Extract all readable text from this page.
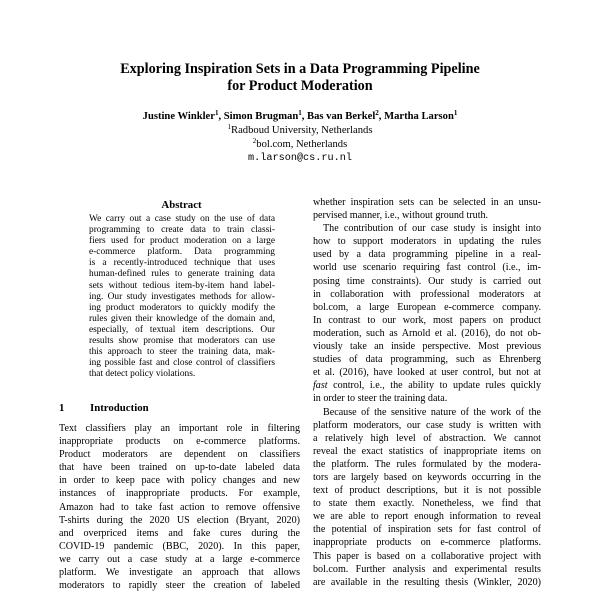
Exploring Inspiration Sets in a Data Programming Pipeline
for Product Moderation
Justine Winkler$^1$, Simon Brugman$^1$, Bas van Berkel$^2$, Martha Larson$^1$
$^1$Radboud University, Netherlands
$^2$bol.com, Netherlands
m.larson@cs.ru.nl
Abstract
We carry out a case study on the use of data
programming to create data to train classi-
fiers used for product moderation on a large
e-commerce platform. Data programming
is a recently-introduced technique that uses
human-defined rules to generate training data
sets without tedious item-by-item hand label-
ing. Our study investigates methods for allow-
ing product moderators to quickly modify the
rules given their knowledge of the domain and,
especially, of textual item descriptions. Our
results show promise that moderators can use
this approach to steer the training data, mak-
ing possible fast and close control of classifiers
that detect policy violations.
1 Introduction
Text classifiers play an important role in filtering
inappropriate products on e-commerce platforms.
Product moderators are dependent on classifiers
that have been trained on up-to-date labeled data
in order to keep pace with policy changes and new
instances of inappropriate products. For example,
Amazon had to take fast action to remove offensive
T-shirts during the 2020 US election (Bryant, 2020)
and overpriced items and fake cures during the
COVID-19 pandemic (BBC, 2020). In this paper,
we carry out a case study at a large e-commerce
platform. We investigate an approach that allows
moderators to rapidly steer the creation of labeled
whether inspiration sets can be selected in an unsu-
pervised manner, i.e., without ground truth.
The contribution of our case study is insight into
how to support moderators in updating the rules
used by a data programming pipeline in a real-
world use scenario requiring fast control (i.e., im-
posing time constraints). Our study is carried out
in collaboration with professional moderators at
bol.com, a large European e-commerce company.
In contrast to our work, most papers on product
moderation, such as Arnold et al. (2016), do not ob-
viously take an inside perspective. Most previous
studies of data programming, such as Ehrenberg
et al. (2016), have looked at user control, but not at
fast control, i.e., the ability to update rules quickly
in order to steer the training data.
Because of the sensitive nature of the work of the
platform moderators, our case study is written with
a relatively high level of abstraction. We cannot
reveal the exact statistics of inappropriate items on
the platform. The rules formulated by the modera-
tors are largely based on keywords occurring in the
text of product descriptions, but it is not possible
to state them exactly. Nonetheless, we find that
we are able to report enough information to reveal
the potential of inspiration sets for fast control of
inappropriate products on e-commerce platforms.
This paper is based on a collaborative project with
bol.com. Further analysis and experimental results
are available in the resulting thesis (Winkler, 2020)
